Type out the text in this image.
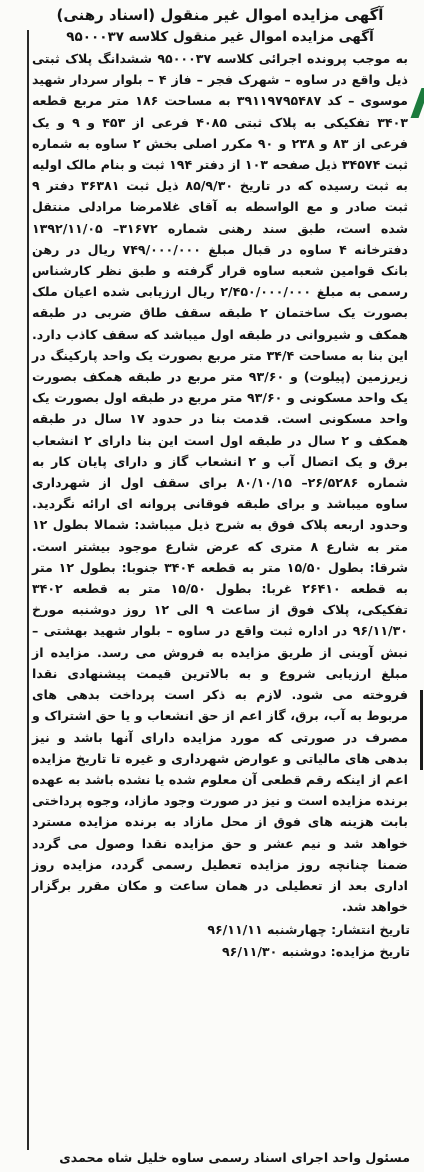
آگهی مزایده اموال غیر منقول (اسناد رهنی)
آگهی مزایده اموال غیر منقول کلاسه ۹۵۰۰۰۳۷

به موجب پرونده اجرائی کلاسه ۹۵۰۰۰۳۷ ششدانگ پلاک ثبتی ذیل واقع در ساوه – شهرک فجر – فاز ۴ – بلوار سردار شهید موسوی – کد ۳۹۱۱۹۷۹۵۴۸۷ به مساحت ۱۸۶ متر مربع قطعه ۳۴۰۳ تفکیکی به پلاک ثبتی ۴۰۸۵ فرعی از ۴۵۳ و ۹ و یک فرعی از ۸۳ و ۲۳۸ و ۹۰ مکرر اصلی بخش ۲ ساوه به شماره ثبت ۳۴۵۷۴ ذیل صفحه ۱۰۳ از دفتر ۱۹۴ ثبت و بنام مالک اولیه به ثبت رسیده که در تاریخ ۸۵/۹/۳۰ ذیل ثبت ۳۶۳۸۱ دفتر ۹ ثبت صادر و مع الواسطه به آقای غلامرضا مرادلی منتقل شده است، طبق سند رهنی شماره ۳۱۶۷۲– ۱۳۹۲/۱۱/۰۵ دفترخانه ۴ ساوه در قبال مبلغ ۷۴۹/۰۰۰/۰۰۰ ریال در رهن بانک قوامین شعبه ساوه قرار گرفته و طبق نظر کارشناس رسمی به مبلغ ۲/۴۵۰/۰۰۰/۰۰۰ ریال ارزیابی شده اعیان ملک بصورت یک ساختمان ۲ طبقه سقف طاق ضربی در طبقه همکف و شیروانی در طبقه اول میباشد که سقف کاذب دارد. این بنا به مساحت ۳۴/۴ متر مربع بصورت یک واحد پارکینگ در زیرزمین (پیلوت) و ۹۳/۶۰ متر مربع در طبقه همکف بصورت یک واحد مسکونی و ۹۳/۶۰ متر مربع در طبقه اول بصورت یک واحد مسکونی است. قدمت بنا در حدود ۱۷ سال در طبقه همکف و ۲ سال در طبقه اول است این بنا دارای ۲ انشعاب برق و یک اتصال آب و ۲ انشعاب گاز و دارای پایان کار به شماره ۲۶/۵۲۸۶– ۸۰/۱۰/۱۵ برای سقف اول از شهرداری ساوه میباشد و برای طبقه فوقانی پروانه ای ارائه نگردید. وحدود اربعه پلاک فوق به شرح ذیل میباشد: شمالا بطول ۱۲ متر به شارع ۸ متری که عرض شارع موجود بیشتر است. شرقا: بطول ۱۵/۵۰ متر به قطعه ۳۴۰۴ جنوبا: بطول ۱۲ متر به قطعه ۲۶۴۱۰ غربا: بطول ۱۵/۵۰ متر به قطعه ۳۴۰۲ تفکیکی، پلاک فوق از ساعت ۹ الی ۱۲ روز دوشنبه مورخ ۹۶/۱۱/۳۰ در اداره ثبت واقع در ساوه – بلوار شهید بهشتی – نبش آوینی از طریق مزایده به فروش می رسد. مزایده از مبلغ ارزیابی شروع و به بالاترین قیمت پیشنهادی نقدا فروخته می شود. لازم به ذکر است پرداخت بدهی های مربوط به آب، برق، گاز اعم از حق انشعاب و یا حق اشتراک و مصرف در صورتی که مورد مزایده دارای آنها باشد و نیز بدهی های مالیاتی و عوارض شهرداری و غیره تا تاریخ مزایده اعم از اینکه رقم قطعی آن معلوم شده یا نشده باشد به عهده برنده مزایده است و نیز در صورت وجود مازاد، وجوه پرداختی بابت هزینه های فوق از محل مازاد به برنده مزایده مسترد خواهد شد و نیم عشر و حق مزایده نقدا وصول می گردد ضمنا چنانچه روز مزایده تعطیل رسمی گردد، مزایده روز اداری بعد از تعطیلی در همان ساعت و مکان مقرر برگزار خواهد شد.

تاریخ انتشار: چهارشنبه ۹۶/۱۱/۱۱
تاریخ مزایده: دوشنبه ۹۶/۱۱/۳۰
مسئول واحد اجرای اسناد رسمی ساوه خلیل شاه محمدی
